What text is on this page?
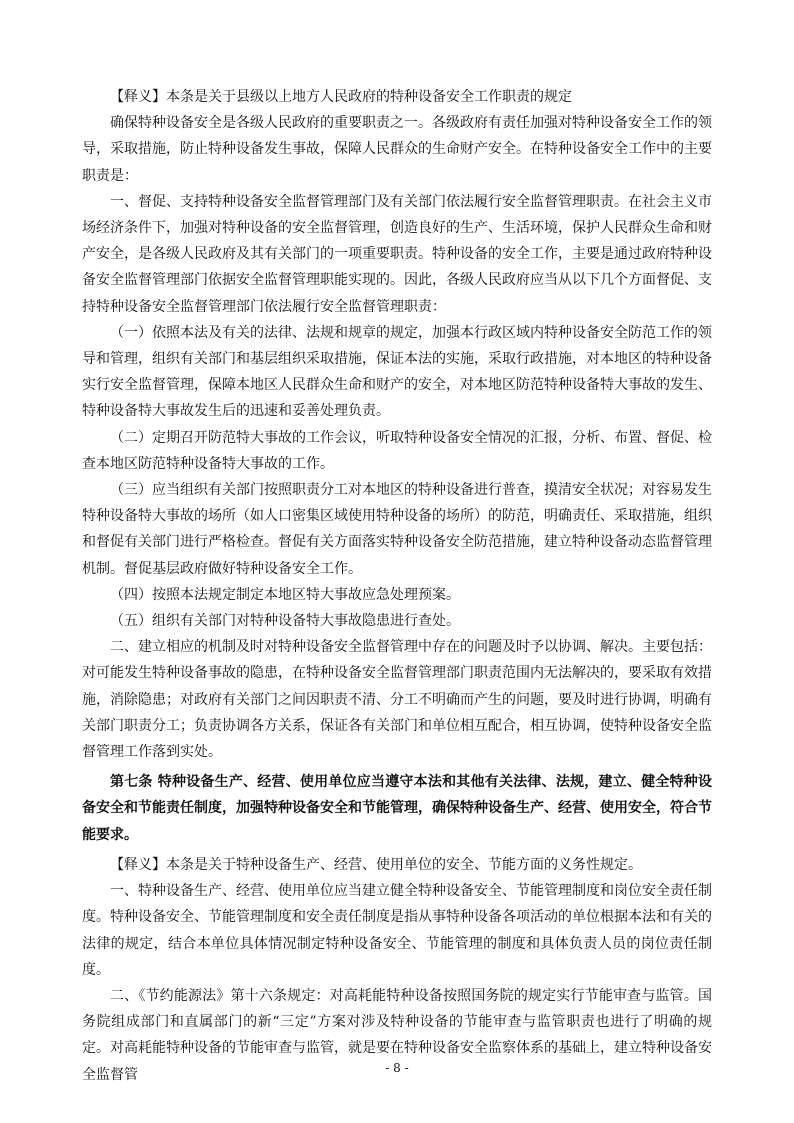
【释义】本条是关于县级以上地方人民政府的特种设备安全工作职责的规定

确保特种设备安全是各级人民政府的重要职责之一。各级政府有责任加强对特种设备安全工作的领导，采取措施，防止特种设备发生事故，保障人民群众的生命财产安全。在特种设备安全工作中的主要职责是：

一、督促、支持特种设备安全监督管理部门及有关部门依法履行安全监督管理职责。在社会主义市场经济条件下，加强对特种设备的安全监督管理，创造良好的生产、生活环境，保护人民群众生命和财产安全，是各级人民政府及其有关部门的一项重要职责。特种设备的安全工作，主要是通过政府特种设备安全监督管理部门依据安全监督管理职能实现的。因此，各级人民政府应当从以下几个方面督促、支持特种设备安全监督管理部门依法履行安全监督管理职责：

（一）依照本法及有关的法律、法规和规章的规定，加强本行政区域内特种设备安全防范工作的领导和管理，组织有关部门和基层组织采取措施，保证本法的实施，采取行政措施，对本地区的特种设备实行安全监督管理，保障本地区人民群众生命和财产的安全，对本地区防范特种设备特大事故的发生、特种设备特大事故发生后的迅速和妥善处理负责。

（二）定期召开防范特大事故的工作会议，听取特种设备安全情况的汇报，分析、布置、督促、检查本地区防范特种设备特大事故的工作。

（三）应当组织有关部门按照职责分工对本地区的特种设备进行普查，摸清安全状况；对容易发生特种设备特大事故的场所（如人口密集区域使用特种设备的场所）的防范，明确责任、采取措施，组织和督促有关部门进行严格检查。督促有关方面落实特种设备安全防范措施，建立特种设备动态监督管理机制。督促基层政府做好特种设备安全工作。

（四）按照本法规定制定本地区特大事故应急处理预案。

（五）组织有关部门对特种设备特大事故隐患进行查处。

二、建立相应的机制及时对特种设备安全监督管理中存在的问题及时予以协调、解决。主要包括：对可能发生特种设备事故的隐患，在特种设备安全监督管理部门职责范围内无法解决的，要采取有效措施，消除隐患；对政府有关部门之间因职责不清、分工不明确而产生的问题，要及时进行协调，明确有关部门职责分工；负责协调各方关系，保证各有关部门和单位相互配合，相互协调，使特种设备安全监督管理工作落到实处。

第七条 特种设备生产、经营、使用单位应当遵守本法和其他有关法律、法规，建立、健全特种设备安全和节能责任制度，加强特种设备安全和节能管理，确保特种设备生产、经营、使用安全，符合节能要求。

【释义】本条是关于特种设备生产、经营、使用单位的安全、节能方面的义务性规定。

一、特种设备生产、经营、使用单位应当建立健全特种设备安全、节能管理制度和岗位安全责任制度。特种设备安全、节能管理制度和安全责任制度是指从事特种设备各项活动的单位根据本法和有关的法律的规定，结合本单位具体情况制定特种设备安全、节能管理的制度和具体负责人员的岗位责任制度。

二、《节约能源法》第十六条规定：对高耗能特种设备按照国务院的规定实行节能审查与监管。国务院组成部门和直属部门的新“三定”方案对涉及特种设备的节能审查与监管职责也进行了明确的规定。对高耗能特种设备的节能审查与监管，就是要在特种设备安全监察体系的基础上，建立特种设备安全监督管	- 8 -
